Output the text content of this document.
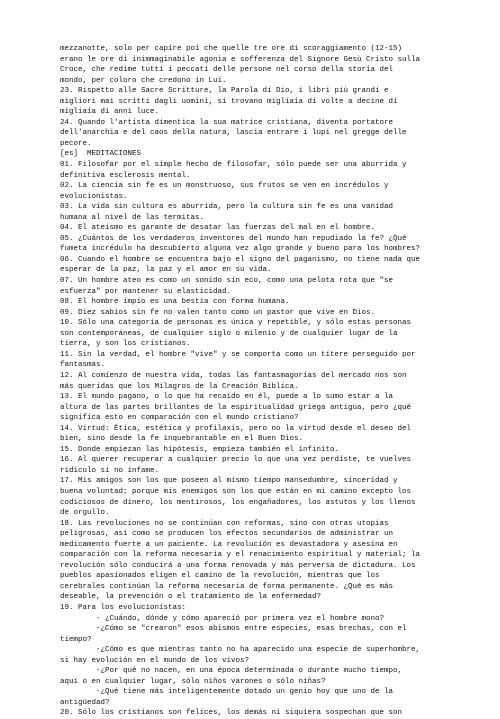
mezzanotte, solo per capire poi che quelle tre ore di scoraggiamento (12-15)
erano le ore di inimmaginabile agonia e sofferenza del Signore Gesù Cristo sulla
Croce, che redime tutti i peccati delle persone nel corso della storia del
mondo, per coloro che credono in Lui.
23. Rispetto alle Sacre Scritture, la Parola di Dio, i libri più grandi e
migliori mai scritti dagli uomini, si trovano migliaia di volte a decine di
migliaia di anni luce.
24. Quando l'artista dimentica la sua matrice cristiana, diventa portatore
dell'anarchia e del caos della natura, lascia entrare i lupi nel gregge delle
pecore.
[es]  MEDITACIONES
01. Filosofar por el simple hecho de filosofar, sólo puede ser una aburrida y
definitiva esclerosis mental.
02. La ciencia sin fe es un monstruoso, sus frutos se ven en incrédulos y
evolucionistas.
03. La vida sin cultura es aburrida, pero la cultura sin fe es una vanidad
humana al nivel de las termitas.
04. El ateísmo es garante de desatar las fuerzas del mal en el hombre.
05. ¿Cuántos de los verdaderos inventores del mundo han repudiado la fe? ¿Qué
fumeta incrédulo ha descubierto alguna vez algo grande y bueno para los hombres?
06. Cuando el hombre se encuentra bajo el signo del paganismo, no tiene nada que
esperar de la paz, la paz y el amor en su vida.
07. Un hombre ateo es como un sonido sin eco, como una pelota rota que "se
esfuerza" por mantener su elasticidad.
08. El hombre impío es una bestia con forma humana.
09. Diez sabios sin fe no valen tanto como un pastor que vive en Dios.
10. Sólo una categoría de personas es única y repetible, y sólo estas personas
son contemporáneas, de cualquier siglo o milenio y de cualquier lugar de la
tierra, y son los cristianos.
11. Sin la verdad, el hombre "vive" y se comporta como un títere perseguido por
fantasmas.
12. Al comienzo de nuestra vida, todas las fantasmagorías del mercado nos son
más queridas que los Milagros de la Creación Bíblica.
13. El mundo pagano, o lo que ha recaído en él, puede a lo sumo estar a la
altura de las partes brillantes de la espiritualidad griega antigua, pero ¿qué
significa esto en comparación con el mundo cristiano?
14. Virtud: Ética, estética y profilaxis, pero no la virtud desde el deseo del
bien, sino desde la fe inquebrantable en el Buen Dios.
15. Donde empiezan las hipótesis, empieza también el infinito.
16. Al querer recuperar a cualquier precio lo que una vez perdiste, te vuelves
ridículo si no infame.
17. Mis amigos son los que poseen al mismo tiempo mansedumbre, sinceridad y
buena voluntad; porque mis enemigos son los que están en mi camino excepto los
codiciosos de dinero, los mentirosos, los engañadores, los astutos y los llenos
de orgullo.
18. Las revoluciones no se continúan con reformas, sino con otras utopías
peligrosas, así como se producen los efectos secundarios de administrar un
medicamento fuerte a un paciente. La revolución es devastadora y asesina en
comparación con la reforma necesaria y el renacimiento espiritual y material; la
revolución sólo conducirá a una forma renovada y más perversa de dictadura. Los
pueblos apasionados eligen el camino de la revolución, mientras que los
cerebrales continúan la reforma necesaria de forma permanente. ¿Qué es más
deseable, la prevención o el tratamiento de la enfermedad?
19. Para los evolucionistas:
- ¿Cuándo, dónde y cómo apareció por primera vez el hombre mono?
-¿Cómo se "crearon" esos abismos entre especies, esas brechas, con el
tiempo?
-¿Cómo es que mientras tanto no ha aparecido una especie de superhombre,
si hay evolución en el mundo de los vivos?
-¿Por qué no nacen, en una época determinada o durante mucho tiempo,
aquí o en cualquier lugar, sólo niños varones o sólo niñas?
-¿Qué tiene más inteligentemente dotado un genio hoy que uno de la
antigüedad?
20. Sólo los cristianos son felices, los demás ni siquiera sospechan que son
